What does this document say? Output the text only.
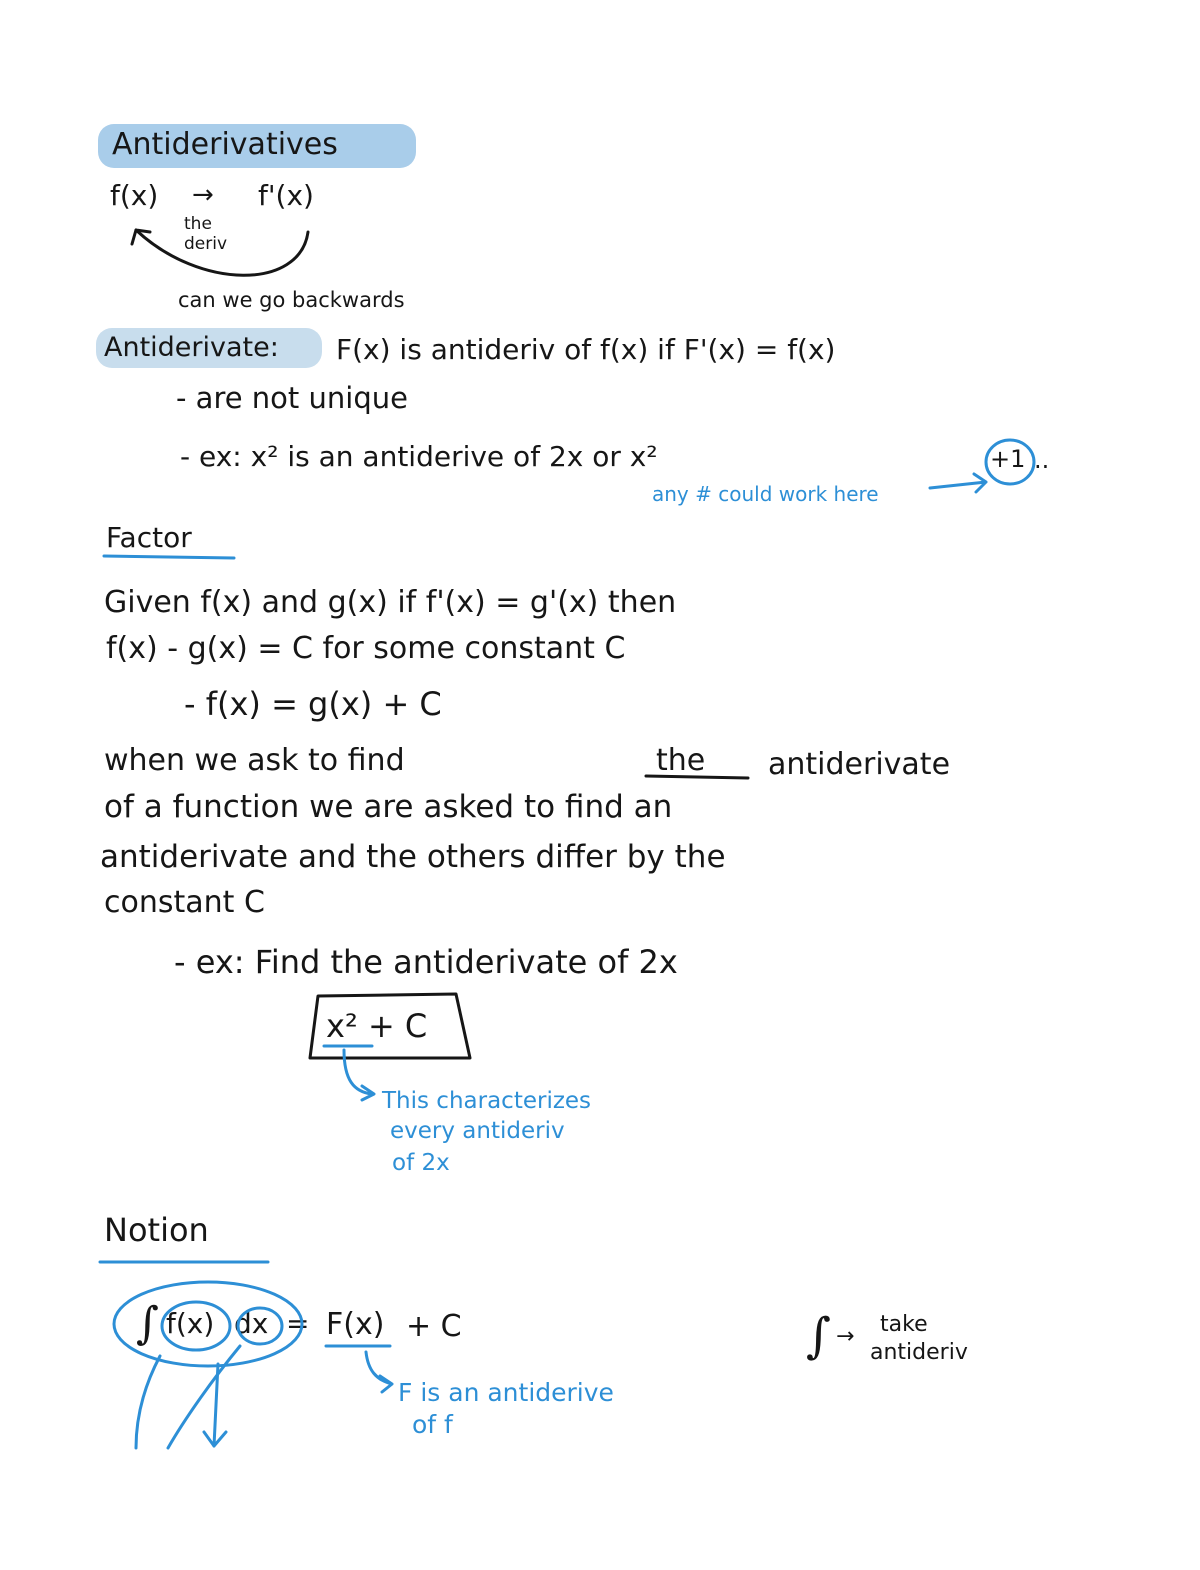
Antiderivatives
f(x) → f'(x)
the
deriv
can we go backwards
Antiderivate: F(x) is antideriv of f(x) if F'(x) = f(x)
- are not unique
- ex: x² is an antiderive of 2x or x²	+1 ..
any # could work here
Factor
Given f(x) and g(x) if f'(x) = g'(x) then
f(x) - g(x) = C for some constant C
- f(x) = g(x) + C
when we ask to find	the antiderivate
of a function we are asked to find an
antiderivate and the others differ by the
constant C
- ex: Find the antiderivate of 2x
x² + C
This characterizes
every antideriv
of 2x
Notion
∫ f(x) dx = F(x) + C
F is an antiderive
of f
∫ → take
antideriv
